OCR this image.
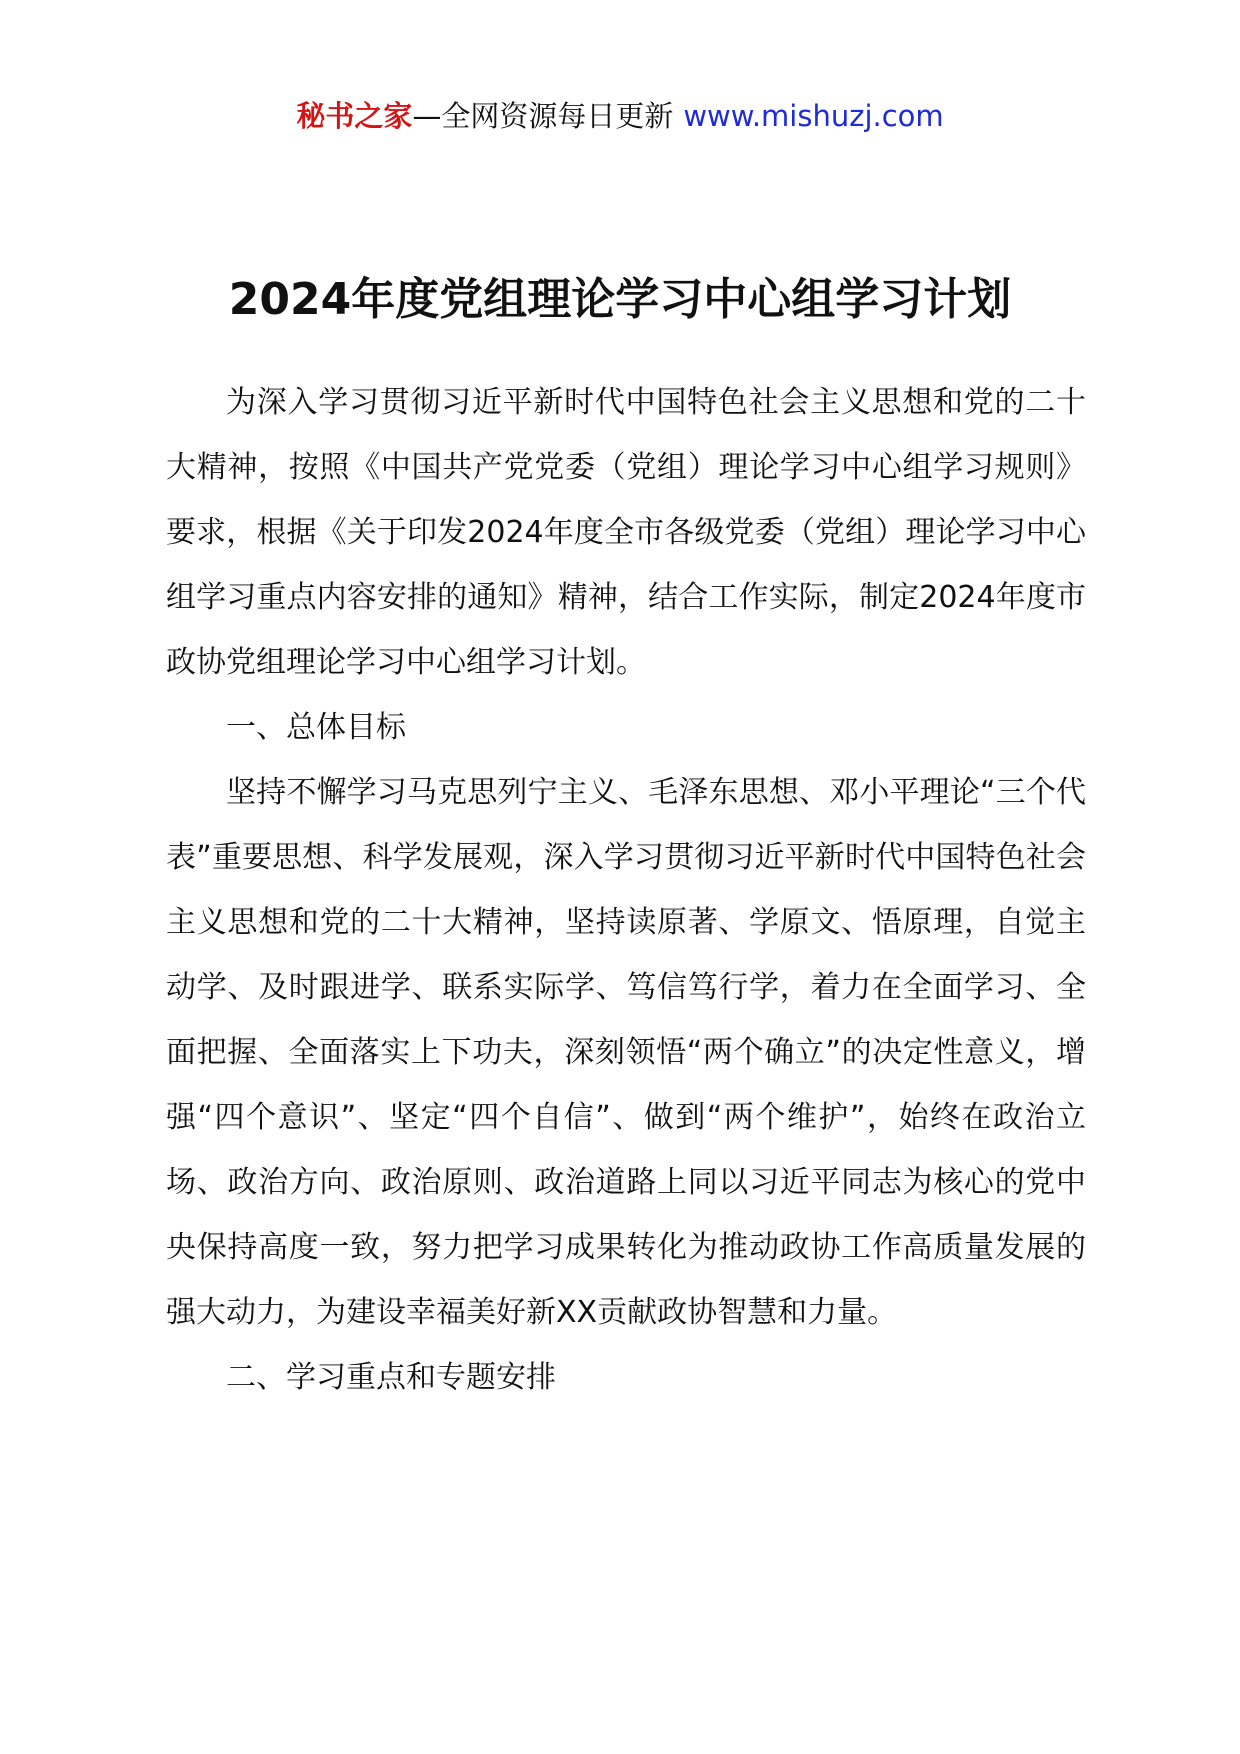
秘书之家—全网资源每日更新 www.mishuzj.com
2024年度党组理论学习中心组学习计划

为深入学习贯彻习近平新时代中国特色社会主义思想和党的二十大精神，按照《中国共产党党委（党组）理论学习中心组学习规则》要求，根据《关于印发2024年度全市各级党委（党组）理论学习中心组学习重点内容安排的通知》精神，结合工作实际，制定2024年度市政协党组理论学习中心组学习计划。

一、总体目标

坚持不懈学习马克思列宁主义、毛泽东思想、邓小平理论“三个代表”重要思想、科学发展观，深入学习贯彻习近平新时代中国特色社会主义思想和党的二十大精神，坚持读原著、学原文、悟原理，自觉主动学、及时跟进学、联系实际学、笃信笃行学，着力在全面学习、全面把握、全面落实上下功夫，深刻领悟“两个确立”的决定性意义，增强“四个意识”、坚定“四个自信”、做到“两个维护”，始终在政治立场、政治方向、政治原则、政治道路上同以习近平同志为核心的党中央保持高度一致，努力把学习成果转化为推动政协工作高质量发展的强大动力，为建设幸福美好新XX贡献政协智慧和力量。

二、学习重点和专题安排
